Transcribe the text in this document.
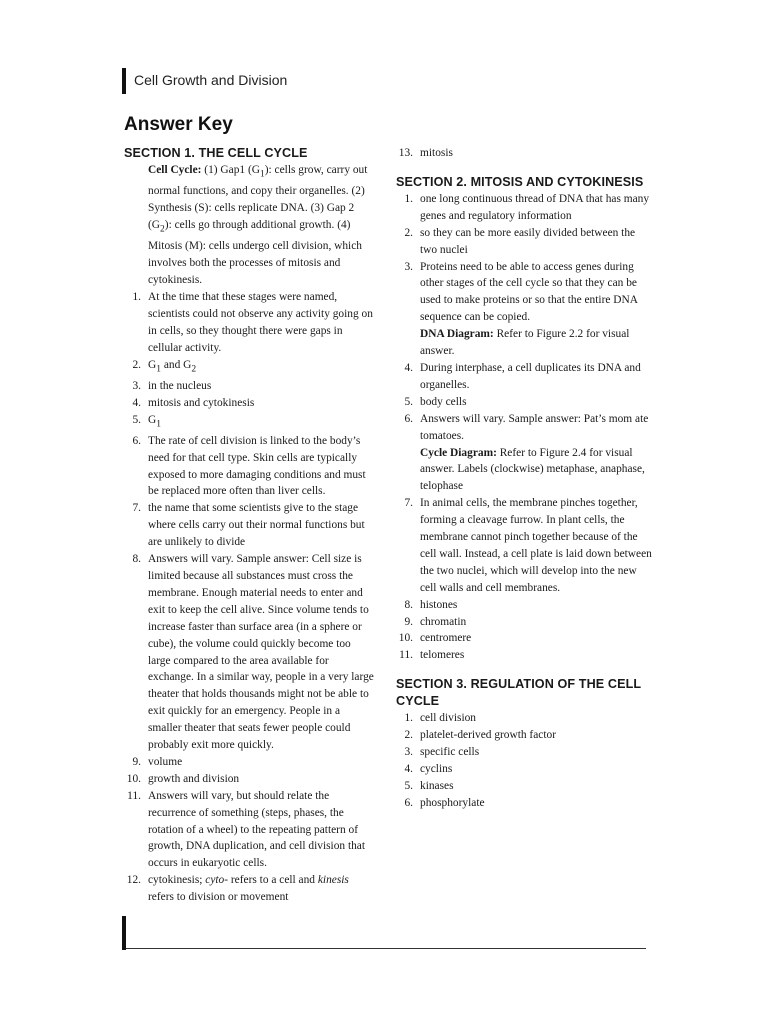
Cell Growth and Division
Answer Key
SECTION 1. THE CELL CYCLE

Cell Cycle: (1) Gap1 $(G_1)$: cells grow, carry out normal functions, and copy their organelles. (2) Synthesis (S): cells replicate DNA. (3) Gap 2 $(G_2)$: cells go through additional growth. (4) Mitosis (M): cells undergo cell division, which involves both the processes of mitosis and cytokinesis.

1. At the time that these stages were named, scientists could not observe any activity going on in cells, so they thought there were gaps in cellular activity.
2. $G_1$ and $G_2$
3. in the nucleus
4. mitosis and cytokinesis
5. $G_1$
6. The rate of cell division is linked to the body’s need for that cell type. Skin cells are typically exposed to more damaging conditions and must be replaced more often than liver cells.
7. the name that some scientists give to the stage where cells carry out their normal functions but are unlikely to divide
8. Answers will vary. Sample answer: Cell size is limited because all substances must cross the membrane. Enough material needs to enter and exit to keep the cell alive. Since volume tends to increase faster than surface area (in a sphere or cube), the volume could quickly become too large compared to the area available for exchange. In a similar way, people in a very large theater that holds thousands might not be able to exit quickly for an emergency. People in a smaller theater that seats fewer people could probably exit more quickly.
9. volume
10. growth and division
11. Answers will vary, but should relate the recurrence of something (steps, phases, the rotation of a wheel) to the repeating pattern of growth, DNA duplication, and cell division that occurs in eukaryotic cells.
12. cytokinesis; cyto- refers to a cell and kinesis refers to division or movement
13. mitosis
SECTION 2. MITOSIS AND CYTOKINESIS
1. one long continuous thread of DNA that has many genes and regulatory information
2. so they can be more easily divided between the two nuclei
3. Proteins need to be able to access genes during other stages of the cell cycle so that they can be used to make proteins or so that the entire DNA sequence can be copied.
DNA Diagram: Refer to Figure 2.2 for visual answer.
4. During interphase, a cell duplicates its DNA and organelles.
5. body cells
6. Answers will vary. Sample answer: Pat’s mom ate tomatoes.
Cycle Diagram: Refer to Figure 2.4 for visual answer. Labels (clockwise) metaphase, anaphase, telophase
7. In animal cells, the membrane pinches together, forming a cleavage furrow. In plant cells, the membrane cannot pinch together because of the cell wall. Instead, a cell plate is laid down between the two nuclei, which will develop into the new cell walls and cell membranes.
8. histones
9. chromatin
10. centromere
11. telomeres
SECTION 3. REGULATION OF THE CELL CYCLE
1. cell division
2. platelet-derived growth factor
3. specific cells
4. cyclins
5. kinases
6. phosphorylate
